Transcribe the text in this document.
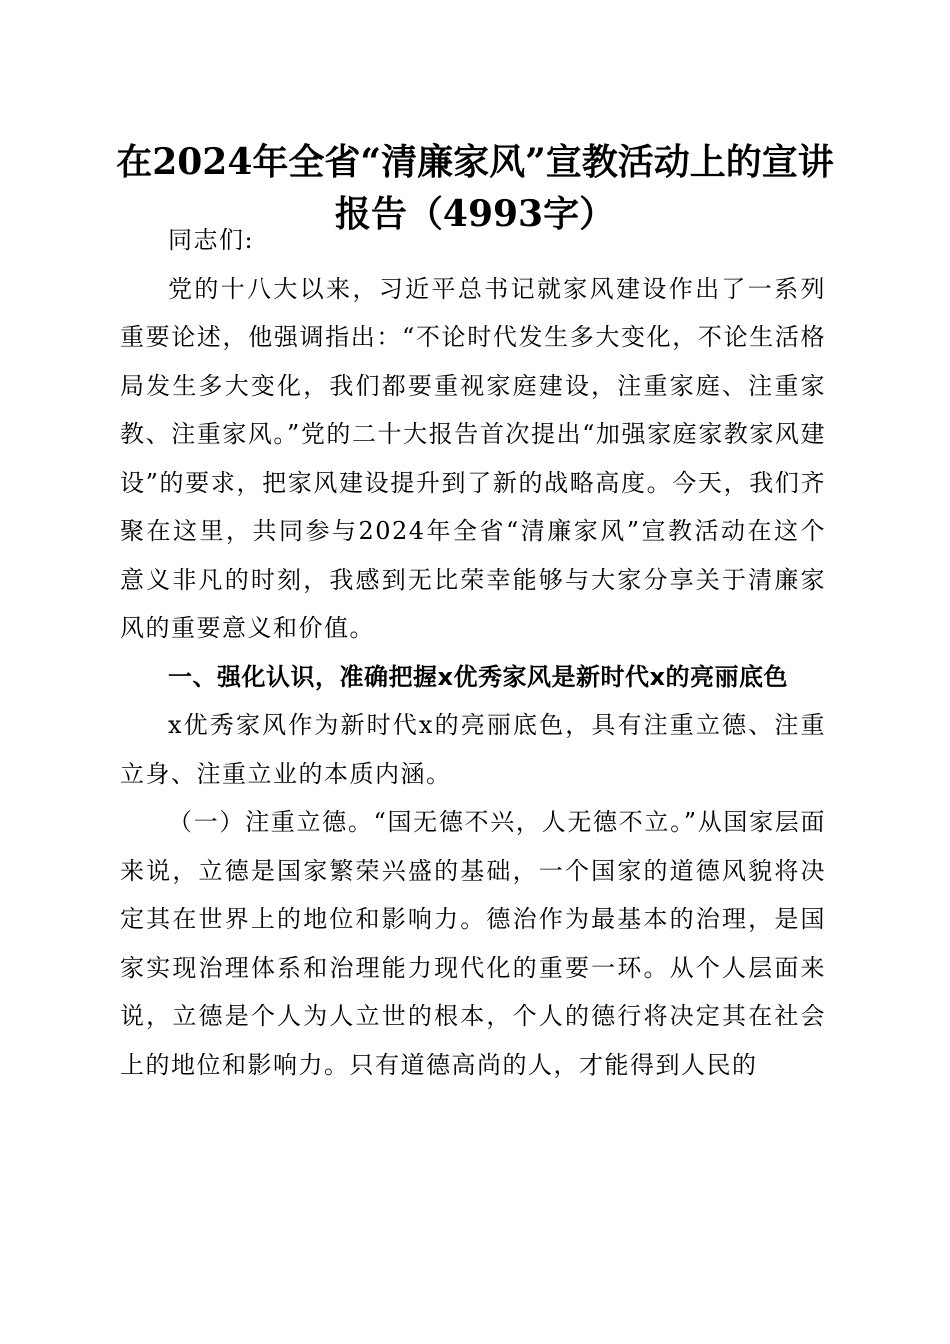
在2024年全省“清廉家风”宣教活动上的宣讲报告（4993字）

同志们:

党的十八大以来，习近平总书记就家风建设作出了一系列重要论述，他强调指出：“不论时代发生多大变化，不论生活格局发生多大变化，我们都要重视家庭建设，注重家庭、注重家教、注重家风。”党的二十大报告首次提出“加强家庭家教家风建设”的要求，把家风建设提升到了新的战略高度。今天，我们齐聚在这里，共同参与2024年全省“清廉家风”宣教活动在这个意义非凡的时刻，我感到无比荣幸能够与大家分享关于清廉家风的重要意义和价值。

一、强化认识，准确把握x优秀家风是新时代x的亮丽底色

x优秀家风作为新时代x的亮丽底色，具有注重立德、注重立身、注重立业的本质内涵。

（一）注重立德。“国无德不兴，人无德不立。”从国家层面来说，立德是国家繁荣兴盛的基础，一个国家的道德风貌将决定其在世界上的地位和影响力。德治作为最基本的治理，是国家实现治理体系和治理能力现代化的重要一环。从个人层面来说，立德是个人为人立世的根本，个人的德行将决定其在社会上的地位和影响力。只有道德高尚的人，才能得到人民的
